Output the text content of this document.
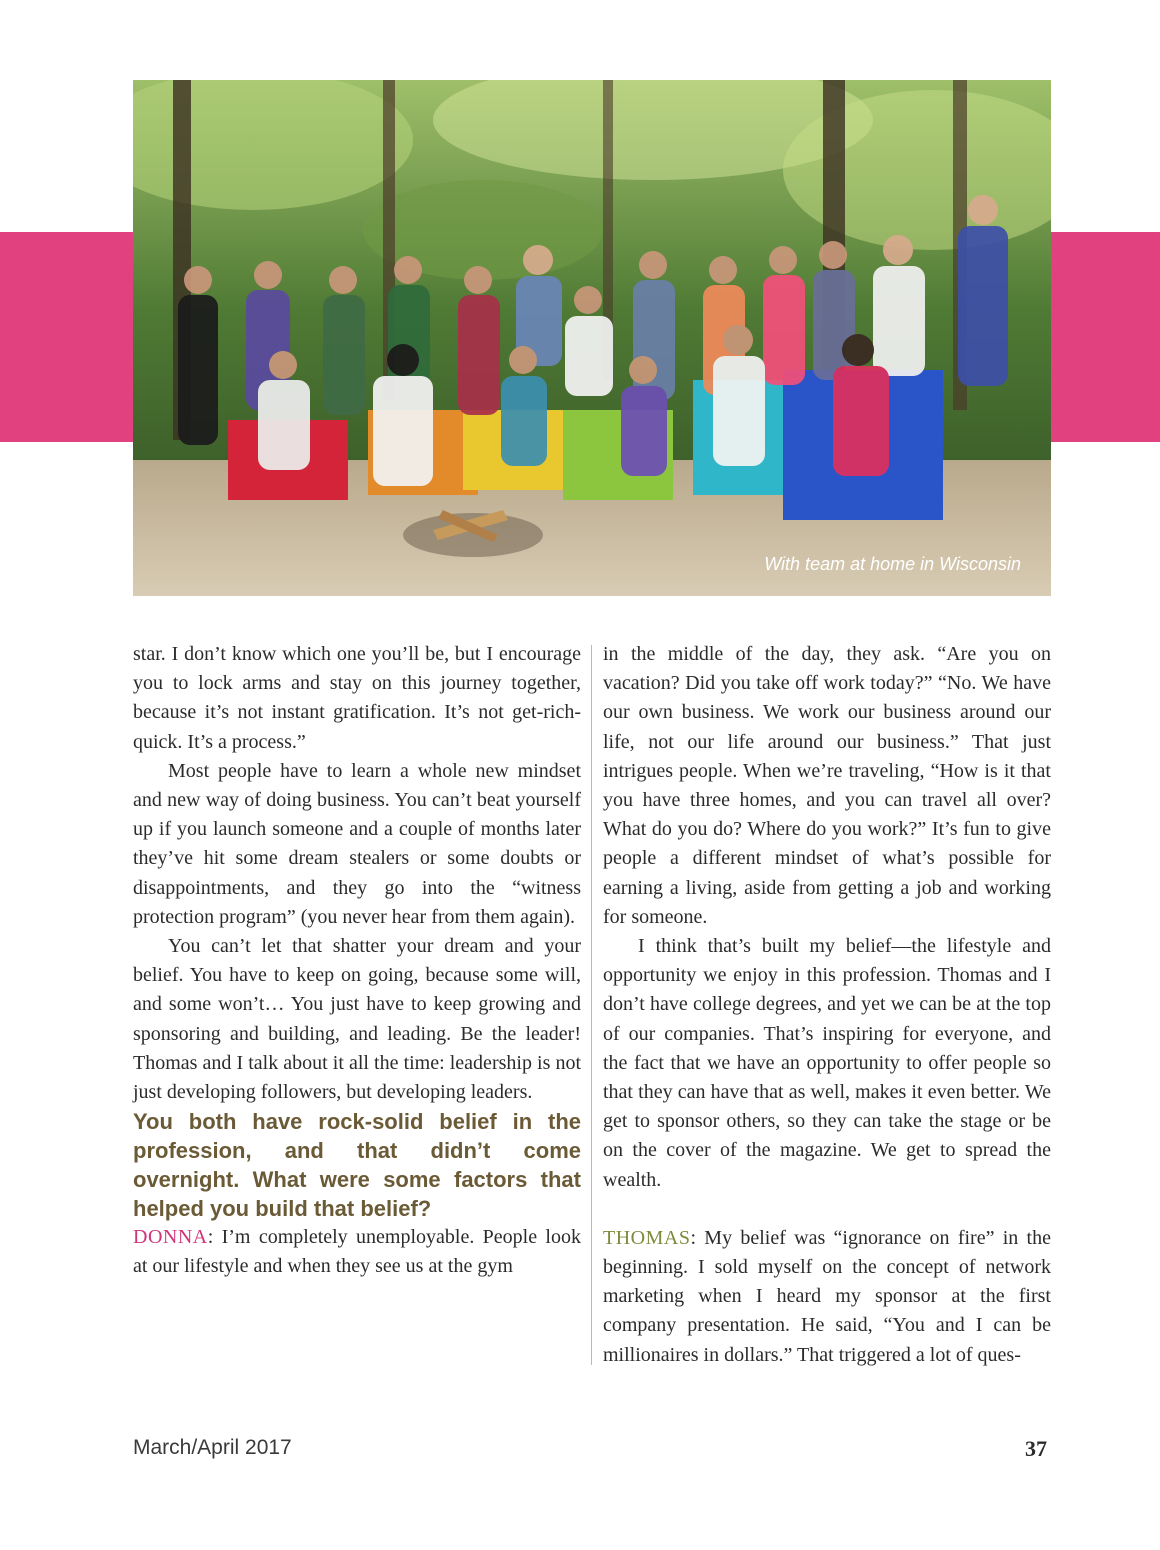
With team at home in Wisconsin

star. I don’t know which one you’ll be, but I encourage you to lock arms and stay on this journey together, because it’s not instant gratification. It’s not get-rich-quick. It’s a process.”

Most people have to learn a whole new mindset and new way of doing business. You can’t beat yourself up if you launch someone and a couple of months later they’ve hit some dream stealers or some doubts or disappointments, and they go into the “witness protection program” (you never hear from them again).

You can’t let that shatter your dream and your belief. You have to keep on going, because some will, and some won’t… You just have to keep growing and sponsoring and building, and leading. Be the leader! Thomas and I talk about it all the time: leadership is not just developing followers, but developing leaders.

You both have rock-solid belief in the profession, and that didn’t come overnight. What were some factors that helped you build that belief?

DONNA: I’m completely unemployable. People look at our lifestyle and when they see us at the gym

in the middle of the day, they ask. “Are you on vacation? Did you take off work today?” “No. We have our own business. We work our business around our life, not our life around our business.” That just intrigues people. When we’re traveling, “How is it that you have three homes, and you can travel all over? What do you do? Where do you work?” It’s fun to give people a different mindset of what’s possible for earning a living, aside from getting a job and working for someone.

I think that’s built my belief—the lifestyle and opportunity we enjoy in this profession. Thomas and I don’t have college degrees, and yet we can be at the top of our companies. That’s inspiring for everyone, and the fact that we have an opportunity to offer people so that they can have that as well, makes it even better. We get to sponsor others, so they can take the stage or be on the cover of the magazine. We get to spread the wealth.

THOMAS: My belief was “ignorance on fire” in the beginning. I sold myself on the concept of network marketing when I heard my sponsor at the first company presentation. He said, “You and I can be millionaires in dollars.” That triggered a lot of ques-

March/April 2017	37
